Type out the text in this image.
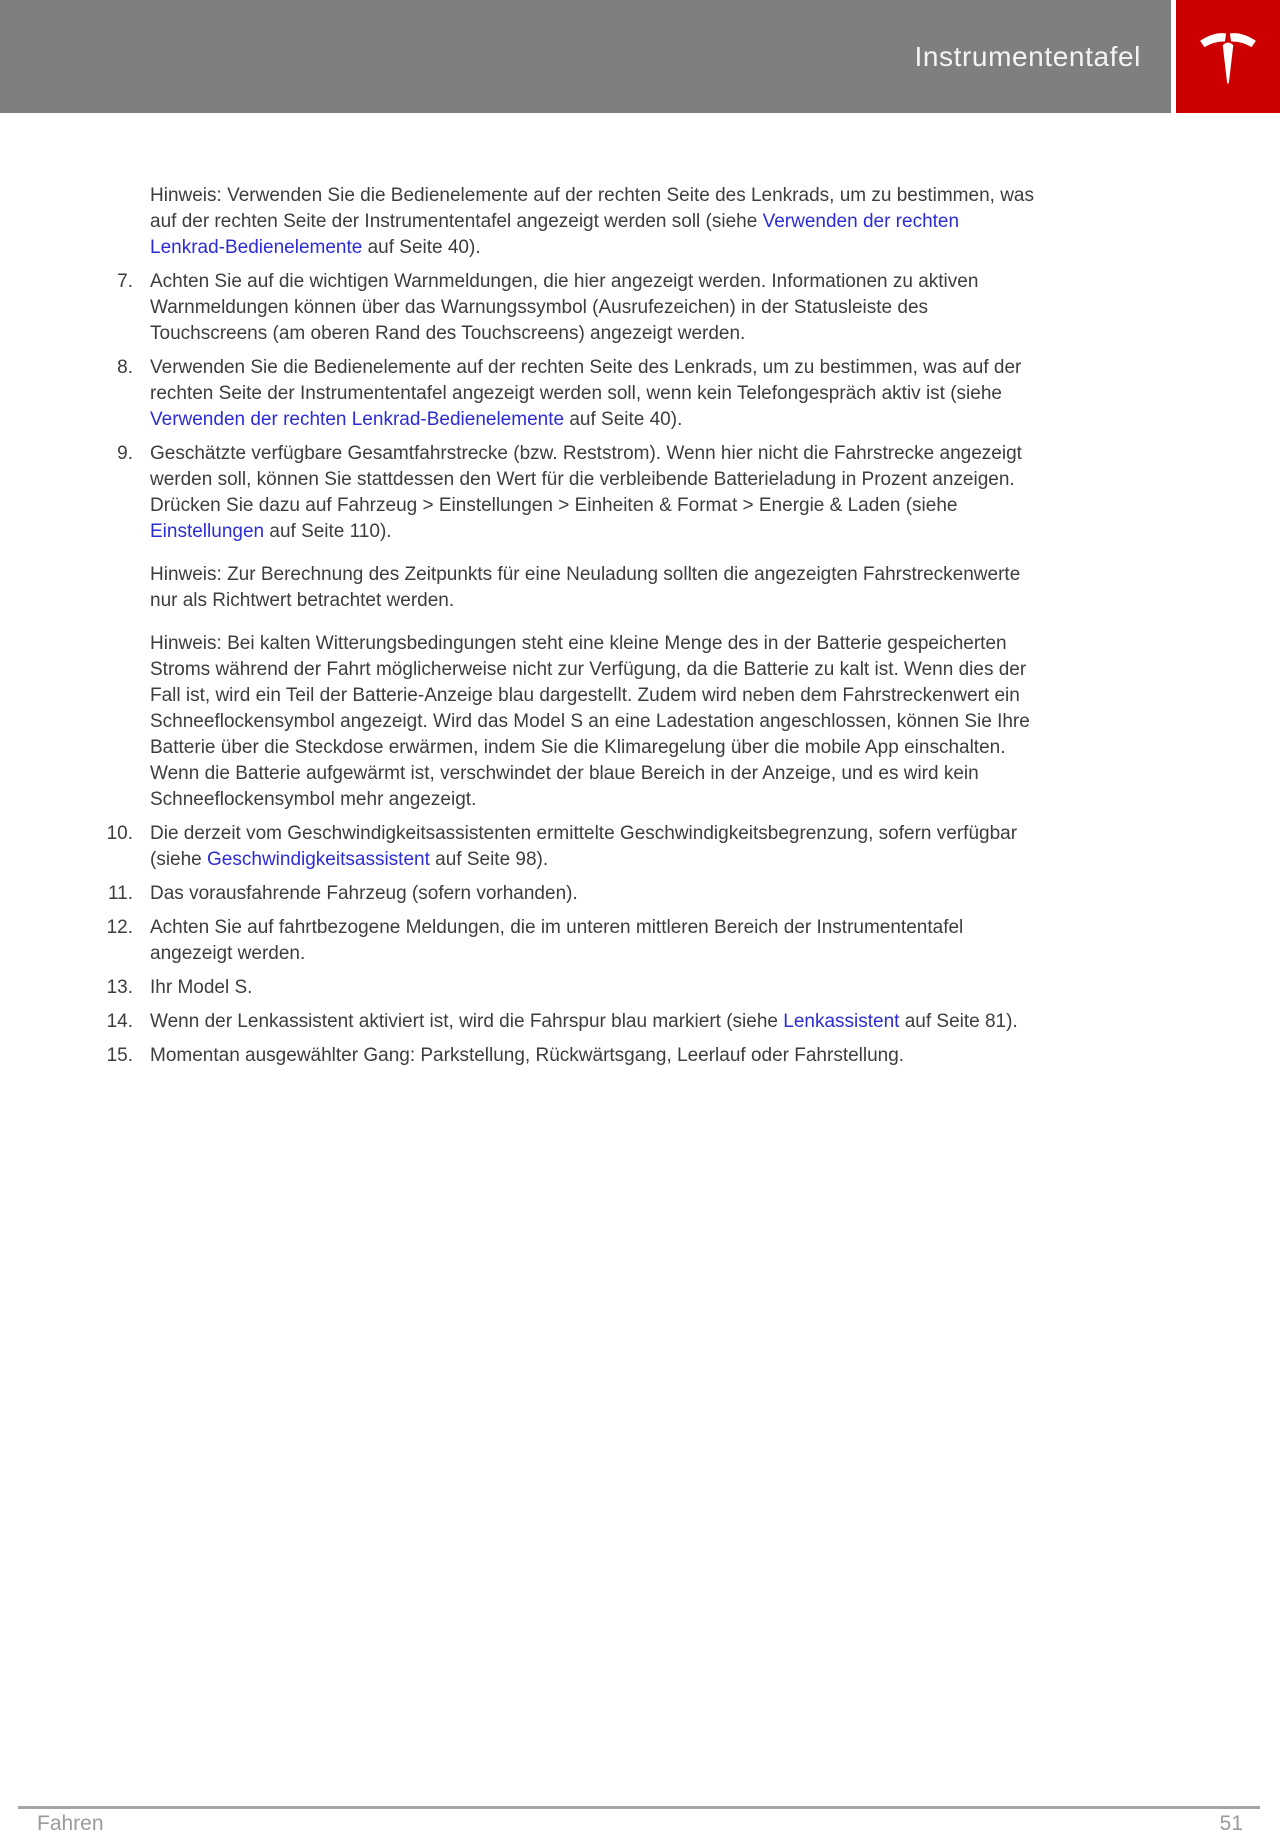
Instrumententafel
Hinweis: Verwenden Sie die Bedienelemente auf der rechten Seite des Lenkrads, um zu bestimmen, was auf der rechten Seite der Instrumententafel angezeigt werden soll (siehe Verwenden der rechten Lenkrad-Bedienelemente auf Seite 40).
7. Achten Sie auf die wichtigen Warnmeldungen, die hier angezeigt werden. Informationen zu aktiven Warnmeldungen können über das Warnungssymbol (Ausrufezeichen) in der Statusleiste des Touchscreens (am oberen Rand des Touchscreens) angezeigt werden.
8. Verwenden Sie die Bedienelemente auf der rechten Seite des Lenkrads, um zu bestimmen, was auf der rechten Seite der Instrumententafel angezeigt werden soll, wenn kein Telefongespräch aktiv ist (siehe Verwenden der rechten Lenkrad-Bedienelemente auf Seite 40).
9. Geschätzte verfügbare Gesamtfahrstrecke (bzw. Reststrom). Wenn hier nicht die Fahrstrecke angezeigt werden soll, können Sie stattdessen den Wert für die verbleibende Batterieladung in Prozent anzeigen. Drücken Sie dazu auf Fahrzeug > Einstellungen > Einheiten & Format > Energie & Laden (siehe Einstellungen auf Seite 110).
Hinweis: Zur Berechnung des Zeitpunkts für eine Neuladung sollten die angezeigten Fahrstreckenwerte nur als Richtwert betrachtet werden.
Hinweis: Bei kalten Witterungsbedingungen steht eine kleine Menge des in der Batterie gespeicherten Stroms während der Fahrt möglicherweise nicht zur Verfügung, da die Batterie zu kalt ist. Wenn dies der Fall ist, wird ein Teil der Batterie-Anzeige blau dargestellt. Zudem wird neben dem Fahrstreckenwert ein Schneeflockensymbol angezeigt. Wird das Model S an eine Ladestation angeschlossen, können Sie Ihre Batterie über die Steckdose erwärmen, indem Sie die Klimaregelung über die mobile App einschalten. Wenn die Batterie aufgewärmt ist, verschwindet der blaue Bereich in der Anzeige, und es wird kein Schneeflockensymbol mehr angezeigt.
10. Die derzeit vom Geschwindigkeitsassistenten ermittelte Geschwindigkeitsbegrenzung, sofern verfügbar (siehe Geschwindigkeitsassistent auf Seite 98).
11. Das vorausfahrende Fahrzeug (sofern vorhanden).
12. Achten Sie auf fahrtbezogene Meldungen, die im unteren mittleren Bereich der Instrumententafel angezeigt werden.
13. Ihr Model S.
14. Wenn der Lenkassistent aktiviert ist, wird die Fahrspur blau markiert (siehe Lenkassistent auf Seite 81).
15. Momentan ausgewählter Gang: Parkstellung, Rückwärtsgang, Leerlauf oder Fahrstellung.
Fahren	51
